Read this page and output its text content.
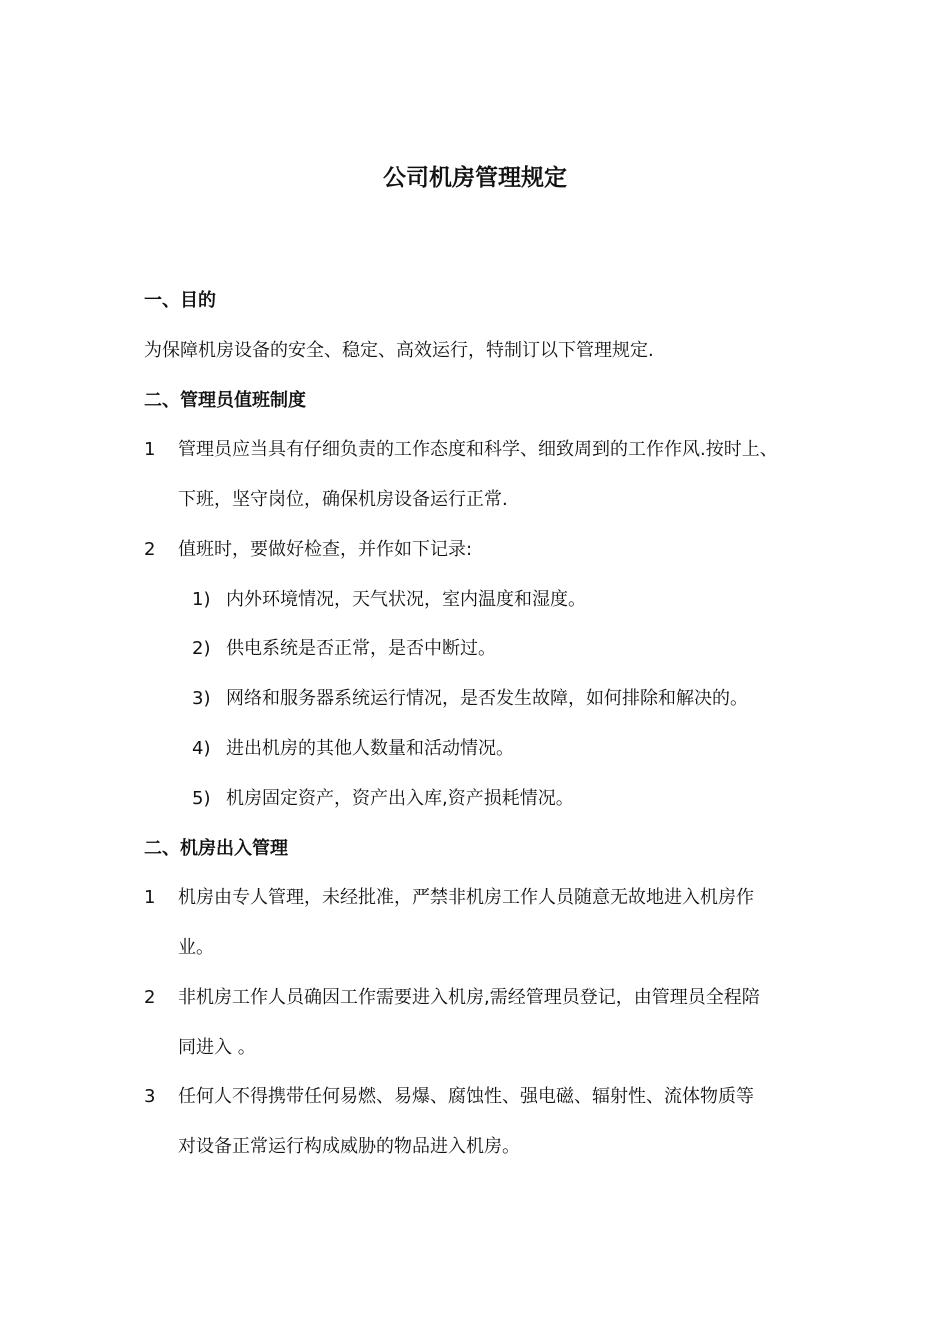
公司机房管理规定
一、目的
为保障机房设备的安全、稳定、高效运行，特制订以下管理规定.
二、管理员值班制度
1 管理员应当具有仔细负责的工作态度和科学、细致周到的工作作风.按时上、
下班，坚守岗位，确保机房设备运行正常.
2 值班时，要做好检查，并作如下记录:
1) 内外环境情况，天气状况，室内温度和湿度。
2) 供电系统是否正常，是否中断过。
3) 网络和服务器系统运行情况，是否发生故障，如何排除和解决的。
4) 进出机房的其他人数量和活动情况。
5) 机房固定资产，资产出入库,资产损耗情况。
二、机房出入管理
1 机房由专人管理，未经批准，严禁非机房工作人员随意无故地进入机房作
业。
2 非机房工作人员确因工作需要进入机房,需经管理员登记，由管理员全程陪
同进入 。
3 任何人不得携带任何易燃、易爆、腐蚀性、强电磁、辐射性、流体物质等
对设备正常运行构成威胁的物品进入机房。
